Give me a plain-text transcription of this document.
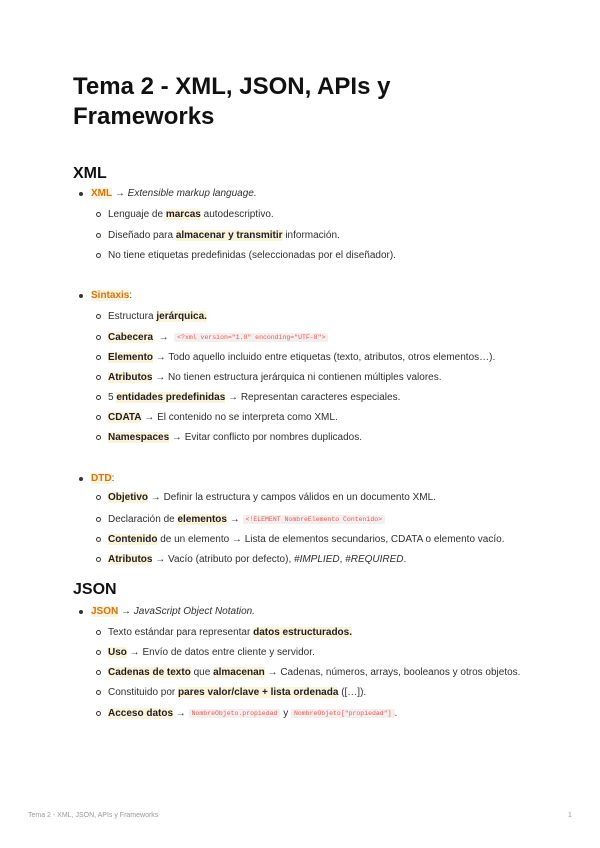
Tema 2 - XML, JSON, APIs y Frameworks
XML
XML → Extensible markup language.
Lenguaje de marcas autodescriptivo.
Diseñado para almacenar y transmitir información.
No tiene etiquetas predefinidas (seleccionadas por el diseñador).
Sintaxis:
Estructura jerárquica.
Cabecera  →  <?xml version="1.0" enconding="UTF-8">
Elemento → Todo aquello incluido entre etiquetas (texto, atributos, otros elementos…).
Atributos → No tienen estructura jerárquica ni contienen múltiples valores.
5 entidades predefinidas → Representan caracteres especiales.
CDATA → El contenido no se interpreta como XML.
Namespaces → Evitar conflicto por nombres duplicados.
DTD:
Objetivo → Definir la estructura y campos válidos en un documento XML.
Declaración de elementos → <!ELEMENT NombreElemento Contenido>
Contenido de un elemento → Lista de elementos secundarios, CDATA o elemento vacío.
Atributos → Vacío (atributo por defecto), #IMPLIED, #REQUIRED.
JSON
JSON → JavaScript Object Notation.
Texto estándar para representar datos estructurados.
Uso → Envío de datos entre cliente y servidor.
Cadenas de texto que almacenan → Cadenas, números, arrays, booleanos y otros objetos.
Constituido por pares valor/clave + lista ordenada ([…]).
Acceso datos → NombreObjeto.propiedad y NombreObjeto["propiedad"] .
Tema 2 - XML, JSON, APIs y Frameworks	1
